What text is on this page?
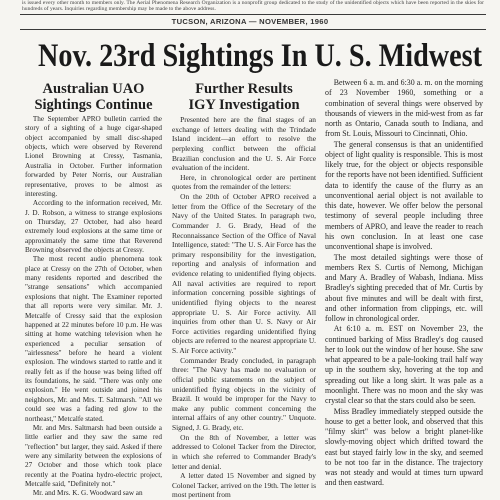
is issued every other month to members only. The Aerial Phenomena Research Organization is a nonprofit group dedicated to the study of the unidentified objects which have been reported in the skies for hundreds of years. Inquiries regarding membership may be made to the above address.
TUCSON, ARIZONA — NOVEMBER, 1960
Nov. 23rd Sightings In U. S. Midwest
Australian UAO
Sightings Continue

The September APRO bulletin carried the story of a sighting of a huge cigar-shaped object accompanied by small disc-shaped objects, which were observed by Reverend Lionel Browning at Cressy, Tasmania, Australia in October. Further information forwarded by Peter Norris, our Australian representative, proves to be almost as interesting.

According to the information received, Mr. J. D. Robson, a witness to strange explosions on Thursday, 27 October, had also heard extremely loud explosions at the same time or approximately the same time that Reverend Browning observed the objects at Cressy.

The most recent audio phenomena took place at Cressy on the 27th of October, when many residents reported and described the "strange sensations" which accompanied explosions that night. The Examiner reported that all reports were very similar. Mr. J. Metcalfe of Cressy said that the explosion happened at 22 minutes before 10 p.m. He was sitting at home watching television when he experienced a peculiar sensation of "airlessness" before he heard a violent explosion. The windows started to rattle and it really felt as if the house was being lifted off its foundations, he said. "There was only one explosion." He went outside and joined his neighbors, Mr. and Mrs. T. Saltmarsh. "All we could see was a fading red glow to the northeast," Metcalfe stated.

Mr. and Mrs. Saltmarsh had been outside a little earlier and they saw the same red "reflection" but larger, they said. Asked if there were any similarity between the explosions of 27 October and those which took place recently at the Poatina hydro-electric project, Metcalfe said, "Definitely not."

Mr. and Mrs. K. G. Woodward saw an

Further Results
IGY Investigation

Presented here are the final stages of an exchange of letters dealing with the Trindade Island incident—an effort to resolve the perplexing conflict between the official Brazilian conclusion and the U. S. Air Force evaluation of the incident.

Here, in chronological order are pertinent quotes from the remainder of the letters:

On the 20th of October APRO received a letter from the Office of the Secretary of the Navy of the United States. In paragraph two, Commander J. G. Brady, Head of the Reconnaissance Section of the Office of Naval Intelligence, stated: "The U. S. Air Force has the primary responsibility for the investigation, reporting and analysis of information and evidence relating to unidentified flying objects. All naval activities are required to report information concerning possible sightings of unidentified flying objects to the nearest appropriate U. S. Air Force activity. All inquiries from other than U. S. Navy or Air Force activities regarding unidentified flying objects are referred to the nearest appropriate U. S. Air Force activity."

Commander Brady concluded, in paragraph three: "The Navy has made no evaluation or official public statements on the subject of unidentified flying objects in the vicinity of Brazil. It would be improper for the Navy to make any public comment concerning the internal affairs of any other country." Unquote. Signed, J. G. Brady, etc.

On the 8th of November, a letter was addressed to Colonel Tacker from the Director, in which she referred to Commander Brady's letter and denial.

A letter dated 15 November and signed by Colonel Tacker, arrived on the 19th. The letter is most pertinent from

Between 6 a. m. and 6:30 a. m. on the morning of 23 November 1960, something or a combination of several things were observed by thousands of viewers in the mid-west from as far north as Ontario, Canada south to Indiana, and from St. Louis, Missouri to Cincinnati, Ohio.

The general consensus is that an unidentified object of light quality is responsible. This is most likely true, for the object or objects responsible for the reports have not been identified. Sufficient data to identify the cause of the flurry as an unconventional aerial object is not available to this date, however. We offer below the personal testimony of several people including three members of APRO, and leave the reader to reach his own conclusion. In at least one case unconventional shape is involved.

The most detailed sightings were those of members Rex S. Curtis of Nemong, Michigan and Mary A. Bradley of Wabash, Indiana. Miss Bradley's sighting preceded that of Mr. Curtis by about five minutes and will be dealt with first, and other information from clippings, etc. will follow in chronological order.

At 6:10 a. m. EST on November 23, the continued barking of Miss Bradley's dog caused her to look out the window of her house. She saw what appeared to be a pale-looking trail half way up in the southern sky, hovering at the top and spreading out like a long skirt. It was pale as a moonlight. There was no moon and the sky was crystal clear so that the stars could also be seen.

Miss Bradley immediately stepped outside the house to get a better look, and observed that this "filmy skirt" was below a bright planet-like slowly-moving object which drifted toward the east but stayed fairly low in the sky, and seemed to be not too far in the distance. The trajectory was not steady and would at times turn upward and then eastward.
